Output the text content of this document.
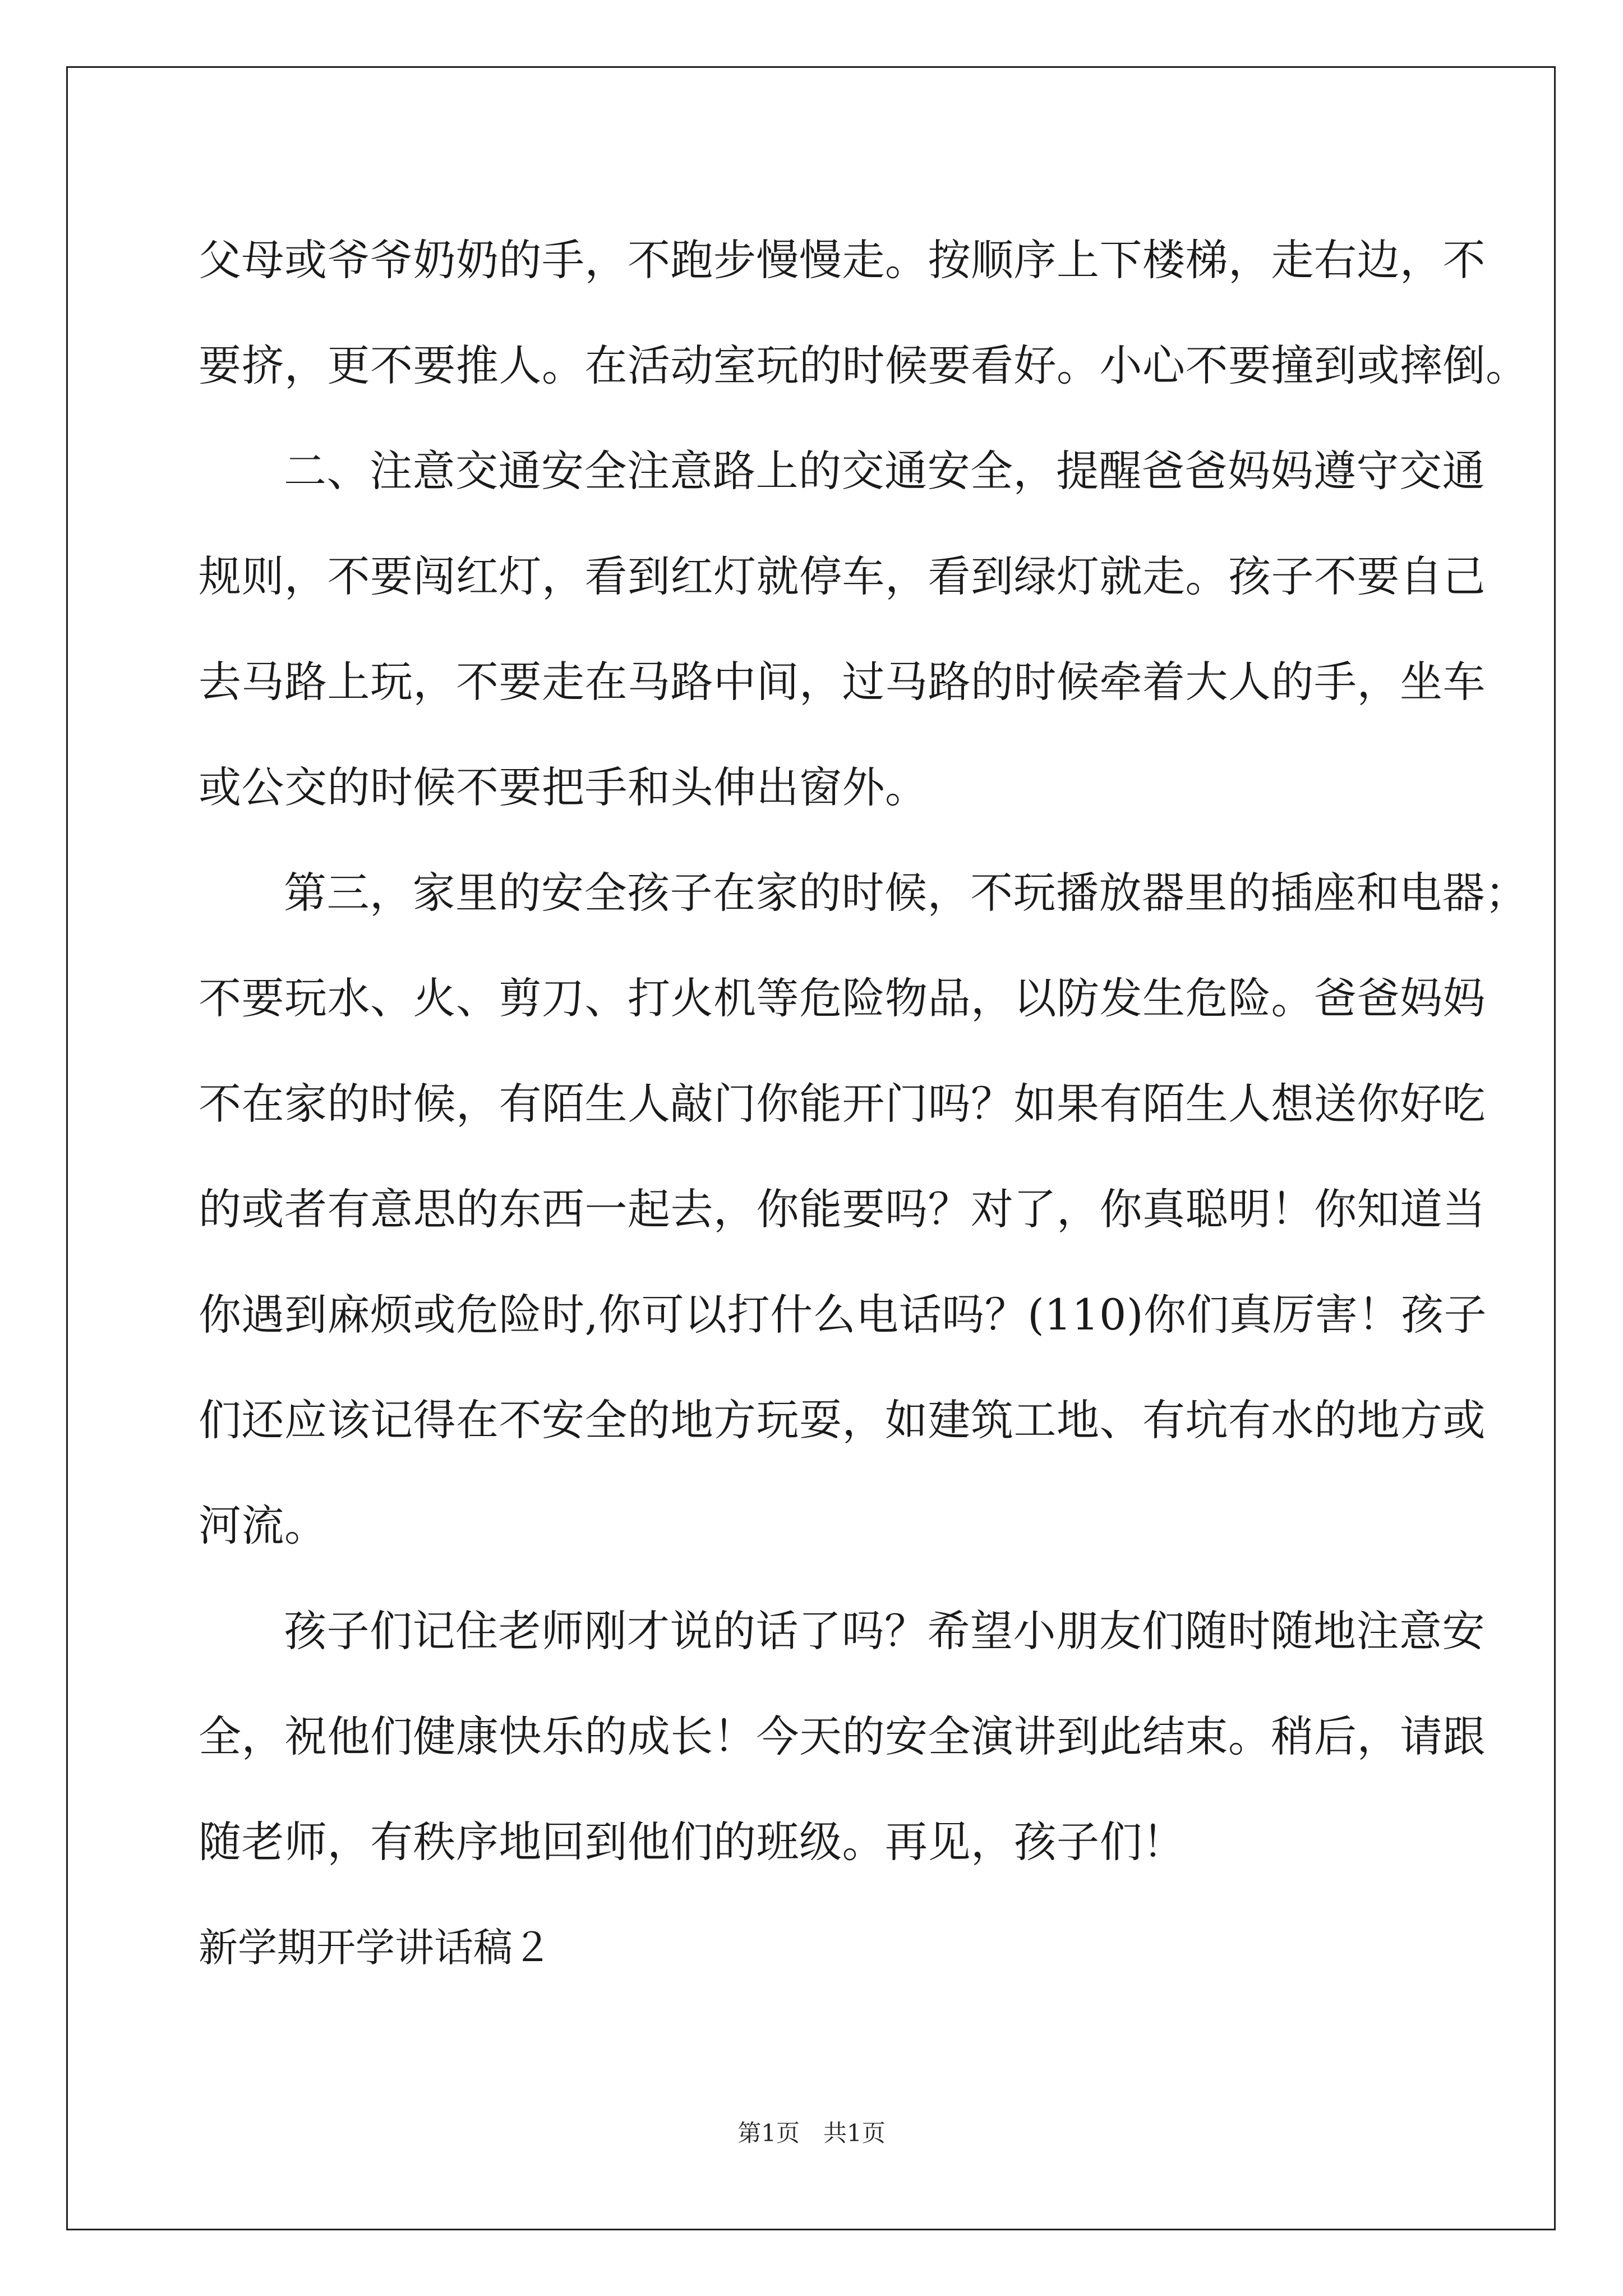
父母或爷爷奶奶的手，不跑步慢慢走。按顺序上下楼梯，走右边，不
要挤，更不要推人。在活动室玩的时候要看好。小心不要撞到或摔倒。
二、注意交通安全注意路上的交通安全，提醒爸爸妈妈遵守交通
规则，不要闯红灯，看到红灯就停车，看到绿灯就走。孩子不要自己
去马路上玩，不要走在马路中间，过马路的时候牵着大人的手，坐车
或公交的时候不要把手和头伸出窗外。
第三，家里的安全孩子在家的时候，不玩播放器里的插座和电器；
不要玩水、火、剪刀、打火机等危险物品，以防发生危险。爸爸妈妈
不在家的时候，有陌生人敲门你能开门吗？如果有陌生人想送你好吃
的或者有意思的东西一起去，你能要吗？对了，你真聪明！你知道当
你遇到麻烦或危险时,你可以打什么电话吗？(110)你们真厉害！孩子
们还应该记得在不安全的地方玩耍，如建筑工地、有坑有水的地方或
河流。
孩子们记住老师刚才说的话了吗？希望小朋友们随时随地注意安
全，祝他们健康快乐的成长！今天的安全演讲到此结束。稍后，请跟
随老师，有秩序地回到他们的班级。再见，孩子们！
新学期开学讲话稿２
第1页　共1页
